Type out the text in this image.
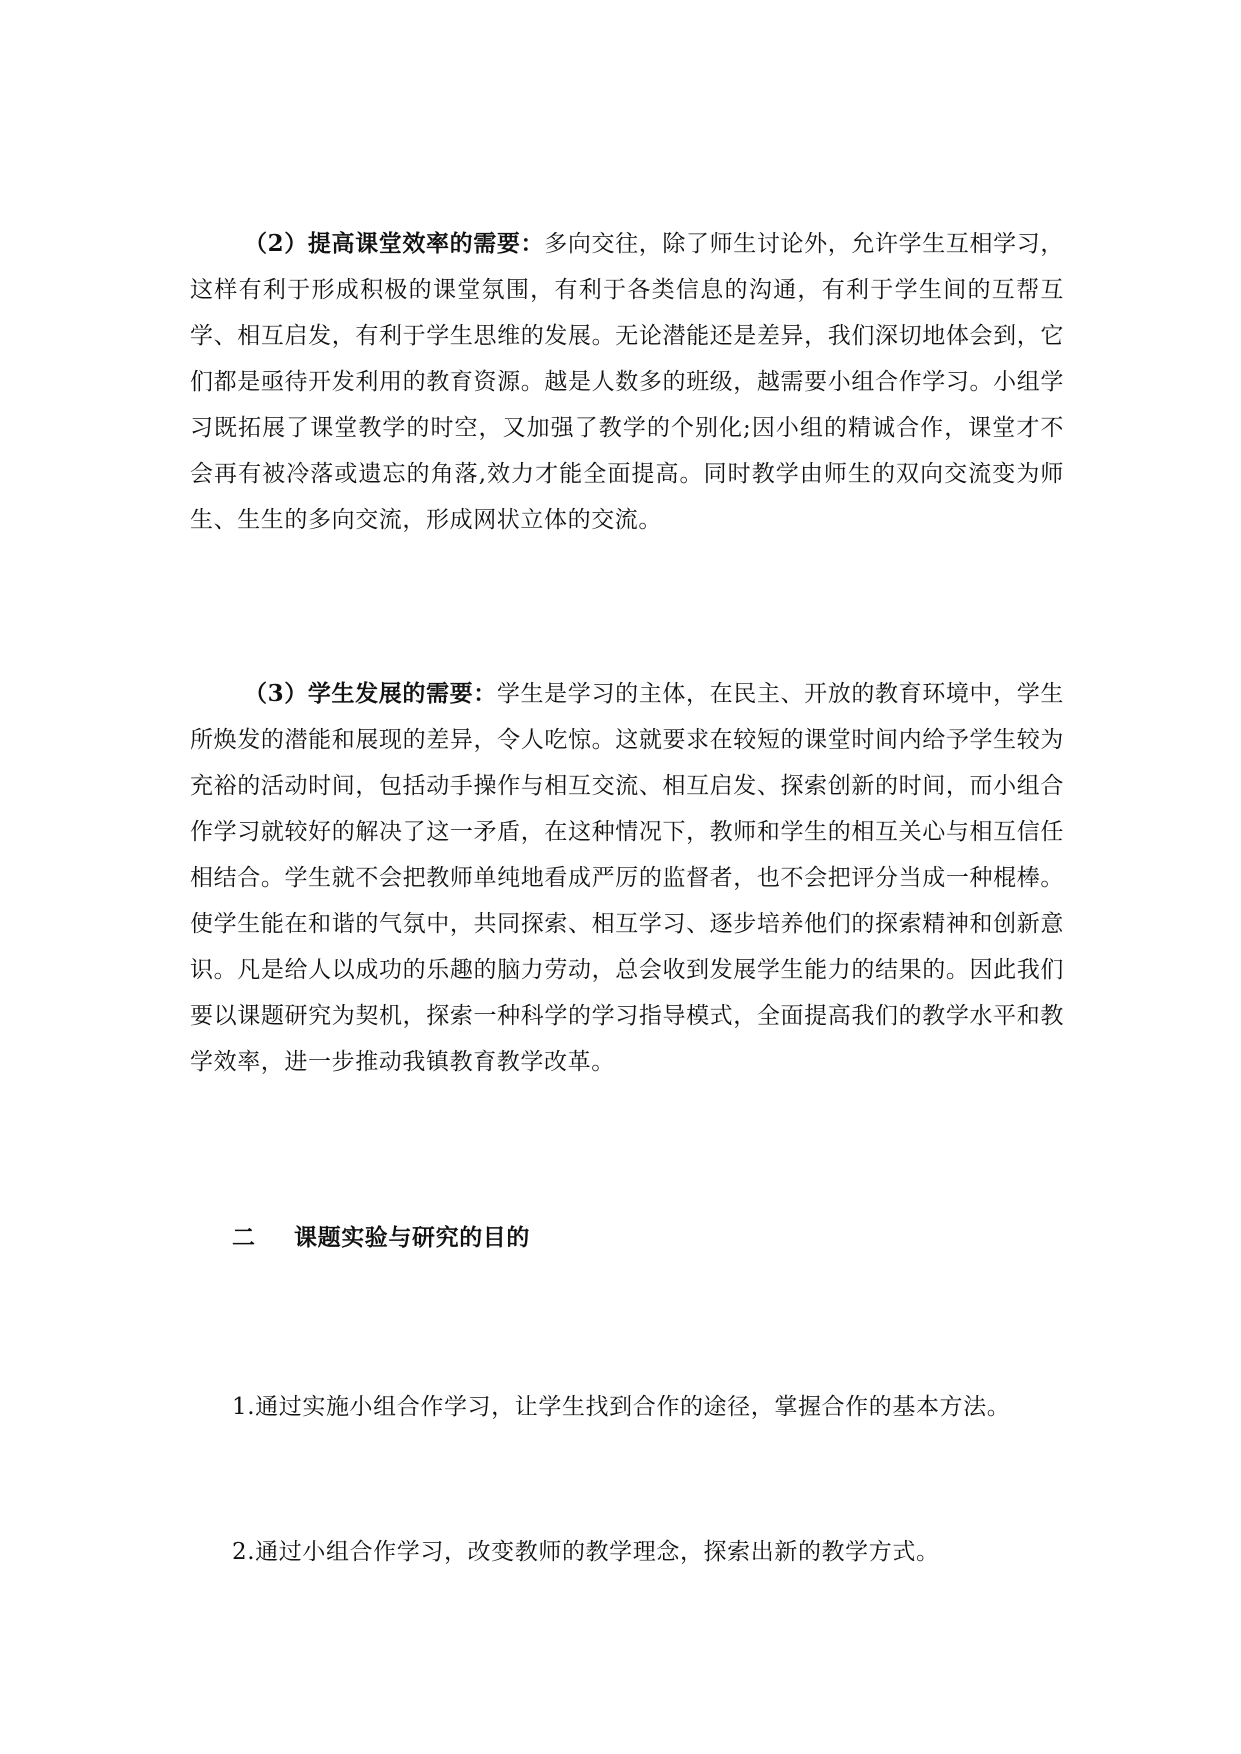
（2）提高课堂效率的需要：多向交往，除了师生讨论外，允许学生互相学习，这样有利于形成积极的课堂氛围，有利于各类信息的沟通，有利于学生间的互帮互学、相互启发，有利于学生思维的发展。无论潜能还是差异，我们深切地体会到，它们都是亟待开发利用的教育资源。越是人数多的班级，越需要小组合作学习。小组学习既拓展了课堂教学的时空，又加强了教学的个别化;因小组的精诚合作，课堂才不会再有被冷落或遗忘的角落,效力才能全面提高。同时教学由师生的双向交流变为师生、生生的多向交流，形成网状立体的交流。

（3）学生发展的需要：学生是学习的主体，在民主、开放的教育环境中，学生所焕发的潜能和展现的差异，令人吃惊。这就要求在较短的课堂时间内给予学生较为充裕的活动时间，包括动手操作与相互交流、相互启发、探索创新的时间，而小组合作学习就较好的解决了这一矛盾，在这种情况下，教师和学生的相互关心与相互信任相结合。学生就不会把教师单纯地看成严厉的监督者，也不会把评分当成一种棍棒。使学生能在和谐的气氛中，共同探索、相互学习、逐步培养他们的探索精神和创新意识。凡是给人以成功的乐趣的脑力劳动，总会收到发展学生能力的结果的。因此我们要以课题研究为契机，探索一种科学的学习指导模式，全面提高我们的教学水平和教学效率，进一步推动我镇教育教学改革。

二 课题实验与研究的目的

1.通过实施小组合作学习，让学生找到合作的途径，掌握合作的基本方法。

2.通过小组合作学习，改变教师的教学理念，探索出新的教学方式。
